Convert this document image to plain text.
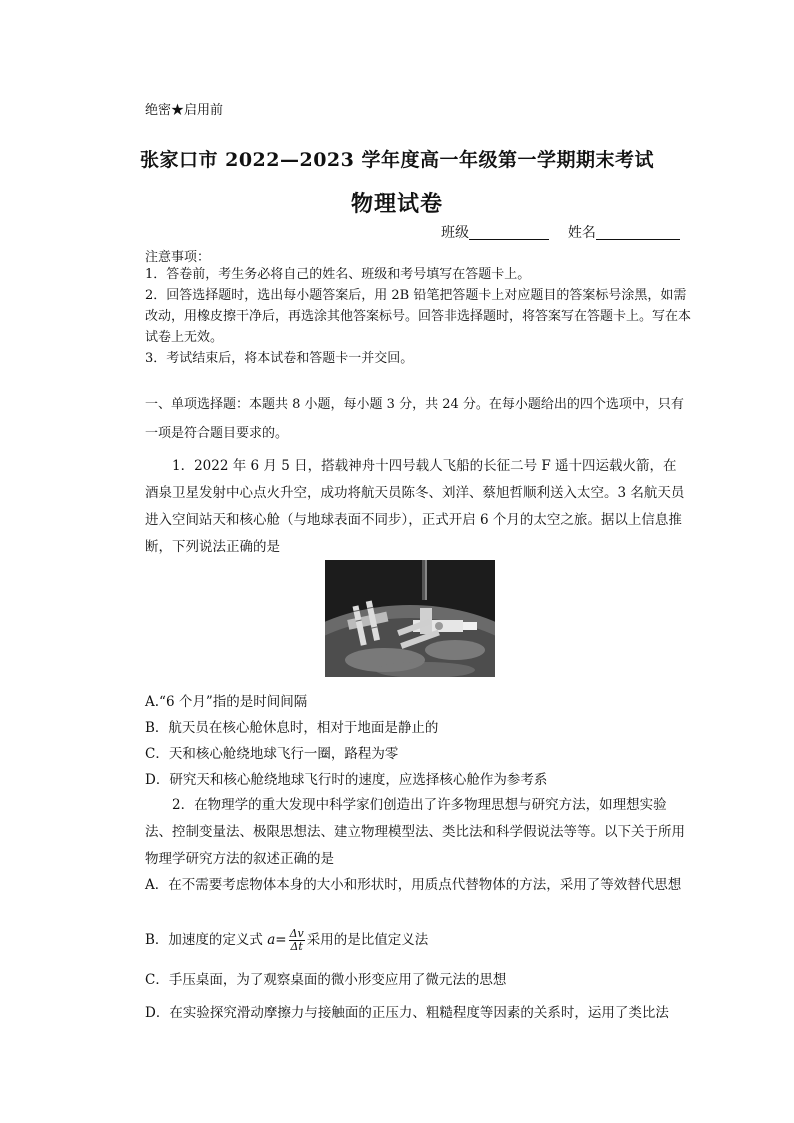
绝密★启用前
张家口市 2022—2023 学年度高一年级第一学期期末考试
物理试卷
班级	姓名
注意事项：
1．答卷前，考生务必将自己的姓名、班级和考号填写在答题卡上。
2．回答选择题时，选出每小题答案后，用 2B 铅笔把答题卡上对应题目的答案标号涂黑，如需改动，用橡皮擦干净后，再选涂其他答案标号。回答非选择题时，将答案写在答题卡上。写在本试卷上无效。
3．考试结束后，将本试卷和答题卡一并交回。
一、单项选择题：本题共 8 小题，每小题 3 分，共 24 分。在每小题给出的四个选项中，只有一项是符合题目要求的。
1．2022 年 6 月 5 日，搭载神舟十四号载人飞船的长征二号 F 遥十四运载火箭，在酒泉卫星发射中心点火升空，成功将航天员陈冬、刘洋、蔡旭哲顺利送入太空。3 名航天员进入空间站天和核心舱（与地球表面不同步），正式开启 6 个月的太空之旅。据以上信息推断，下列说法正确的是
A.“6 个月”指的是时间间隔
B．航天员在核心舱休息时，相对于地面是静止的
C．天和核心舱绕地球飞行一圈，路程为零
D．研究天和核心舱绕地球飞行时的速度，应选择核心舱作为参考系
2．在物理学的重大发现中科学家们创造出了许多物理思想与研究方法，如理想实验法、控制变量法、极限思想法、建立物理模型法、类比法和科学假说法等等。以下关于所用物理学研究方法的叙述正确的是
A．在不需要考虑物体本身的大小和形状时，用质点代替物体的方法，采用了等效替代思想
B．加速度的定义式 $a= \frac{\Delta v}{\Delta t}$ 采用的是比值定义法
C．手压桌面，为了观察桌面的微小形变应用了微元法的思想
D．在实验探究滑动摩擦力与接触面的正压力、粗糙程度等因素的关系时，运用了类比法
